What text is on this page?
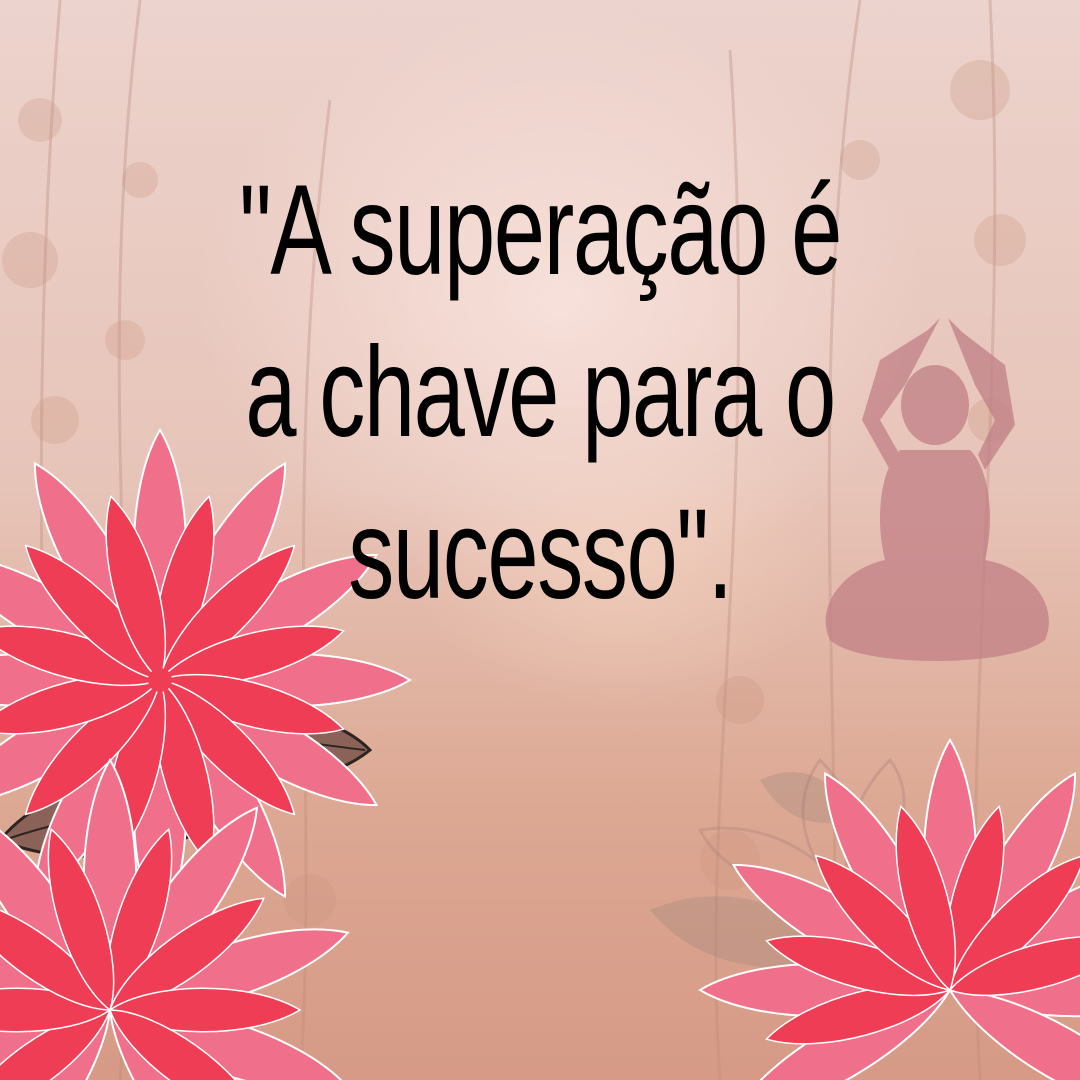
"A superação é
a chave para o
sucesso".
